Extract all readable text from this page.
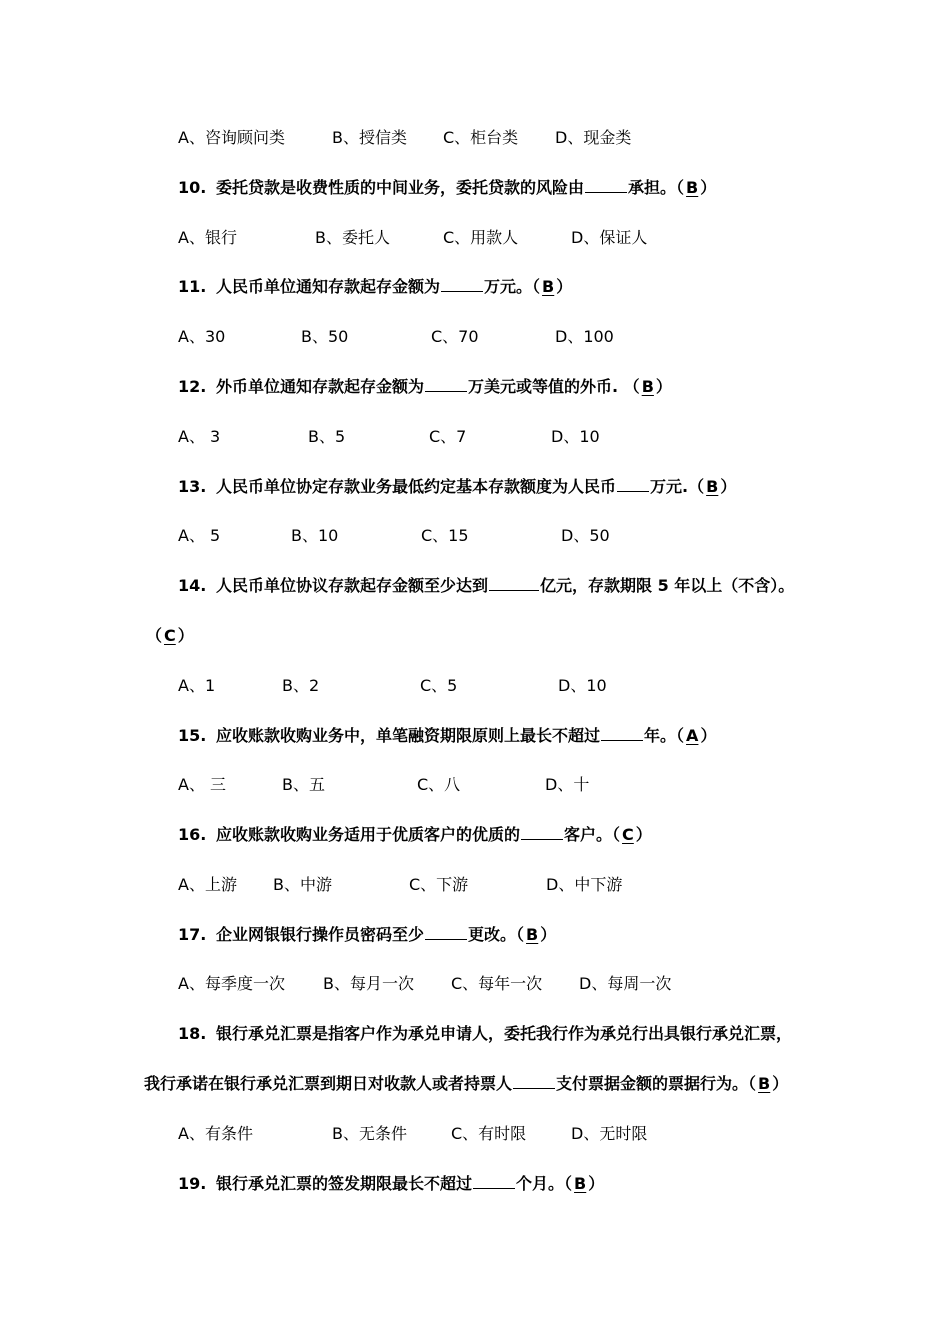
A、咨询顾问类	B、授信类 C、柜台类 D、现金类
10. 委托贷款是收费性质的中间业务，委托贷款的风险由	承担。（ B ）
A、银行	B、委托人	C、用款人	D、保证人
11. 人民币单位通知存款起存金额为	万元。（ B ）
A、30	B、50	C、70	D、100
12. 外币单位通知存款起存金额为	万美元或等值的外币. （ B ）
A、 3	B、5	C、7	D、10
13. 人民币单位协定存款业务最低约定基本存款额度为人民币 万元.（ B ）
A、 5	B、10	C、15	D、50
14. 人民币单位协议存款起存金额至少达到	亿元，存款期限 5 年以上（不含）。
（ C ）
A、1	B、2	C、5	D、10
15. 应收账款收购业务中，单笔融资期限原则上最长不超过	年。（ A ）
A、 三	B、五	C、八	D、十
16. 应收账款收购业务适用于优质客户的优质的	客户。（ C ）
A、上游 B、中游	C、下游	D、中下游
17. 企业网银银行操作员密码至少	更改。（ B ）
A、每季度一次 B、每月一次 C、每年一次 D、每周一次
18. 银行承兑汇票是指客户作为承兑申请人，委托我行作为承兑行出具银行承兑汇票，
我行承诺在银行承兑汇票到期日对收款人或者持票人	支付票据金额的票据行为。（ B ）
A、有条件	B、无条件	C、有时限	D、无时限
19. 银行承兑汇票的签发期限最长不超过	个月。（ B ）
